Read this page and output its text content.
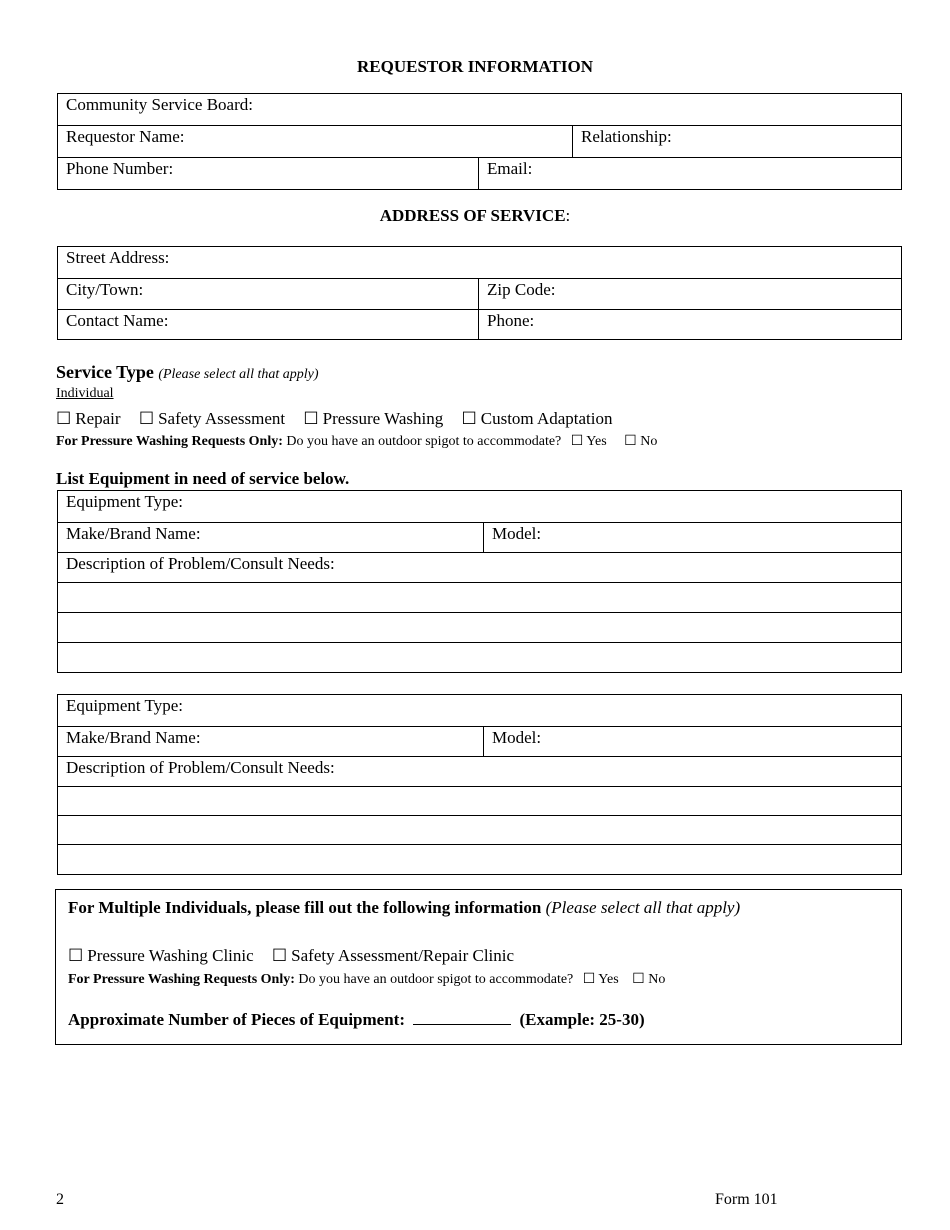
REQUESTOR INFORMATION
Community Service Board:		
Requestor Name:		Relationship:
Phone Number:	Email:	
ADDRESS OF SERVICE:
Street Address:	
City/Town:	Zip Code:
Contact Name:	Phone:
Service Type (Please select all that apply)
Individual
☐ Repair ☐ Safety Assessment ☐ Pressure Washing ☐ Custom Adaptation
For Pressure Washing Requests Only: Do you have an outdoor spigot to accommodate? ☐ Yes ☐ No
List Equipment in need of service below.
Equipment Type:
Make/Brand Name:	Model:
Description of Problem/Consult Needs:

Equipment Type:
Make/Brand Name:	Model:
Description of Problem/Consult Needs:

For Multiple Individuals, please fill out the following information (Please select all that apply)
☐ Pressure Washing Clinic ☐ Safety Assessment/Repair Clinic
For Pressure Washing Requests Only: Do you have an outdoor spigot to accommodate? ☐ Yes ☐ No
Approximate Number of Pieces of Equipment:	(Example: 25-30)
2	Form 101
